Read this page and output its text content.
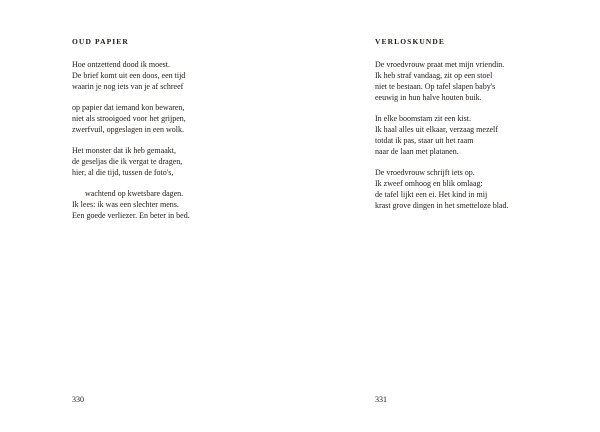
OUD PAPIER
Hoe ontzettend dood ik moest.
De brief komt uit een doos, een tijd
waarin je nog iets van je af schreef
op papier dat iemand kon bewaren,
niet als strooigoed voor het grijpen,
zwerfvuil, opgeslagen in een wolk.
Het monster dat ik heb gemaakt,
de geseljas die ik vergat te dragen,
hier, al die tijd, tussen de foto's,
wachtend op kwetsbare dagen.
Ik lees: ik was een slechter mens.
Een goede verliezer. En beter in bed.
330
VERLOSKUNDE
De vroedvrouw praat met mijn vriendin.
Ik heb straf vandaag, zit op een stoel
niet te bestaan. Op tafel slapen baby's
eeuwig in hun halve houten buik.
In elke boomstam zit een kist.
Ik haal alles uit elkaar, verzaag mezelf
totdat ik pas, staar uit het raam
naar de laan met platanen.
De vroedvrouw schrijft iets op.
Ik zweef omhoog en blik omlaag:
de tafel lijkt een ei. Het kind in mij
krast grove dingen in het smetteloze blad.
331
